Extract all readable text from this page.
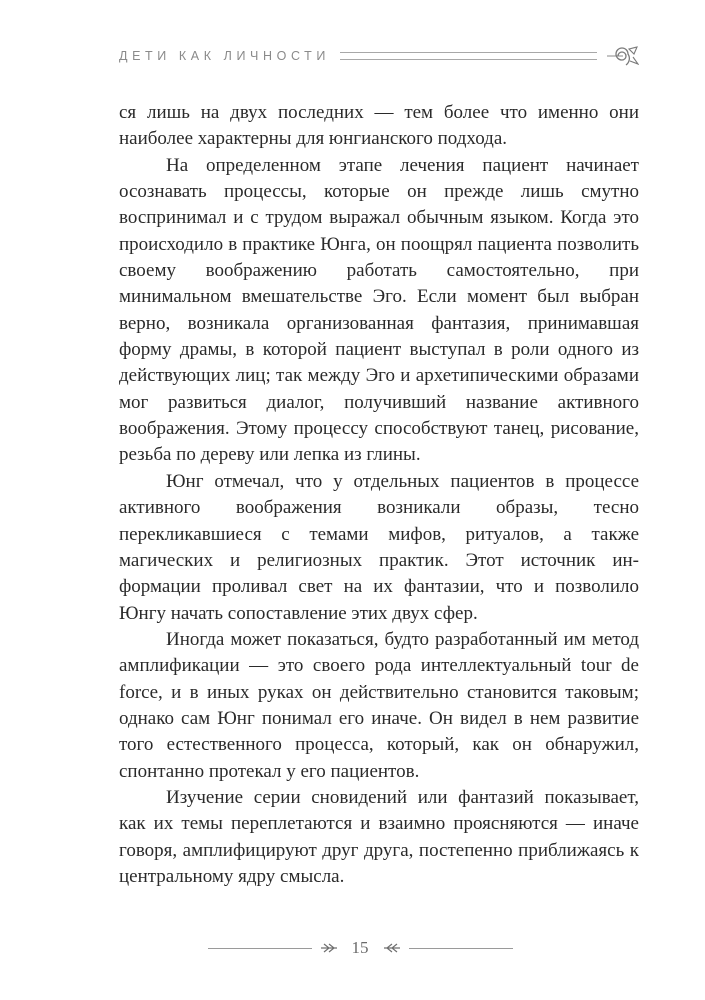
ДЕТИ КАК ЛИЧНОСТИ

ся лишь на двух последних — тем более что именно они наиболее характерны для юнгианского подхода.

На определенном этапе лечения пациент начинает осознавать процессы, которые он прежде лишь смутно воспринимал и с трудом выражал обычным языком. Когда это происходило в практике Юнга, он поощрял пациента позволить своему воображению работать самостоятельно, при минимальном вмешательстве Эго. Если момент был выбран верно, возникала организованная фантазия, принимавшая форму драмы, в которой пациент выступал в роли одного из действующих лиц; так между Эго и архетипическими образами мог развиться диалог, получивший название активного воображения. Этому процессу способствуют танец, рисование, резьба по дереву или лепка из глины.

Юнг отмечал, что у отдельных пациентов в процессе активного воображения возникали образы, тесно перекликавшиеся с темами мифов, ритуалов, а также магических и религиозных практик. Этот источник информации проливал свет на их фантазии, что и позволило Юнгу начать сопоставление этих двух сфер.

Иногда может показаться, будто разработанный им метод амплификации — это своего рода интеллектуальный tour de force, и в иных руках он действительно становится таковым; однако сам Юнг понимал его иначе. Он видел в нем развитие того естественного процесса, который, как он обнаружил, спонтанно протекал у его пациентов.

Изучение серии сновидений или фантазий показывает, как их темы переплетаются и взаимно проясняются — иначе говоря, амплифицируют друг друга, постепенно приближаясь к центральному ядру смысла.

15
